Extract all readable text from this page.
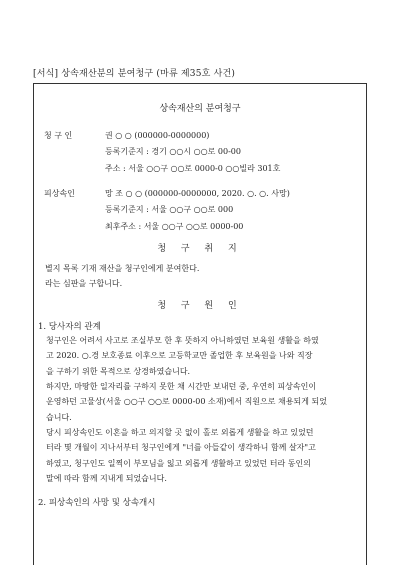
[서식] 상속재산분의 분여청구 (마류 제35호 사건)
상속재산의 분여청구
청 구 인	권 ○ ○ (000000-0000000)
등록기준지 : 경기 ○○시 ○○로 00-00
주소 : 서울 ○○구 ○○로 0000-0 ○○빌라 301호
피상속인	망 조 ○ ○ (000000-0000000, 2020. ○. ○. 사망)
등록기준지 : 서울 ○○구 ○○로 000
최후주소 : 서울 ○○구 ○○로 0000-00
청 구 취 지
별지 목록 기재 재산을 청구인에게 분여한다.
라는 심판을 구합니다.
청 구 원 인
1. 당사자의 관계
청구인은 어려서 사고로 조실부모 한 후 뜻하지 아니하였던 보육원 생활을 하였
고 2020. ○.경 보호종료 이후으로 고등학교만 졸업한 후 보육원을 나와 직장
을 구하기 위한 목적으로 상경하였습니다.
하지만, 마땅한 일자리를 구하지 못한 채 시간만 보내던 중, 우연히 피상속인이
운영하던 고물상(서울 ○○구 ○○로 0000-00 소재)에서 직원으로 채용되게 되었
습니다.
당시 피상속인도 이혼을 하고 의지할 곳 없이 홀로 외롭게 생활을 하고 있었던
터라 몇 개월이 지나서부터 청구인에게 "너를 아들같이 생각하니 함께 살자"고
하였고, 청구인도 일찍이 부모님을 잃고 외롭게 생활하고 있었던 터라 동인의
말에 따라 함께 지내게 되었습니다.
2. 피상속인의 사망 및 상속개시
